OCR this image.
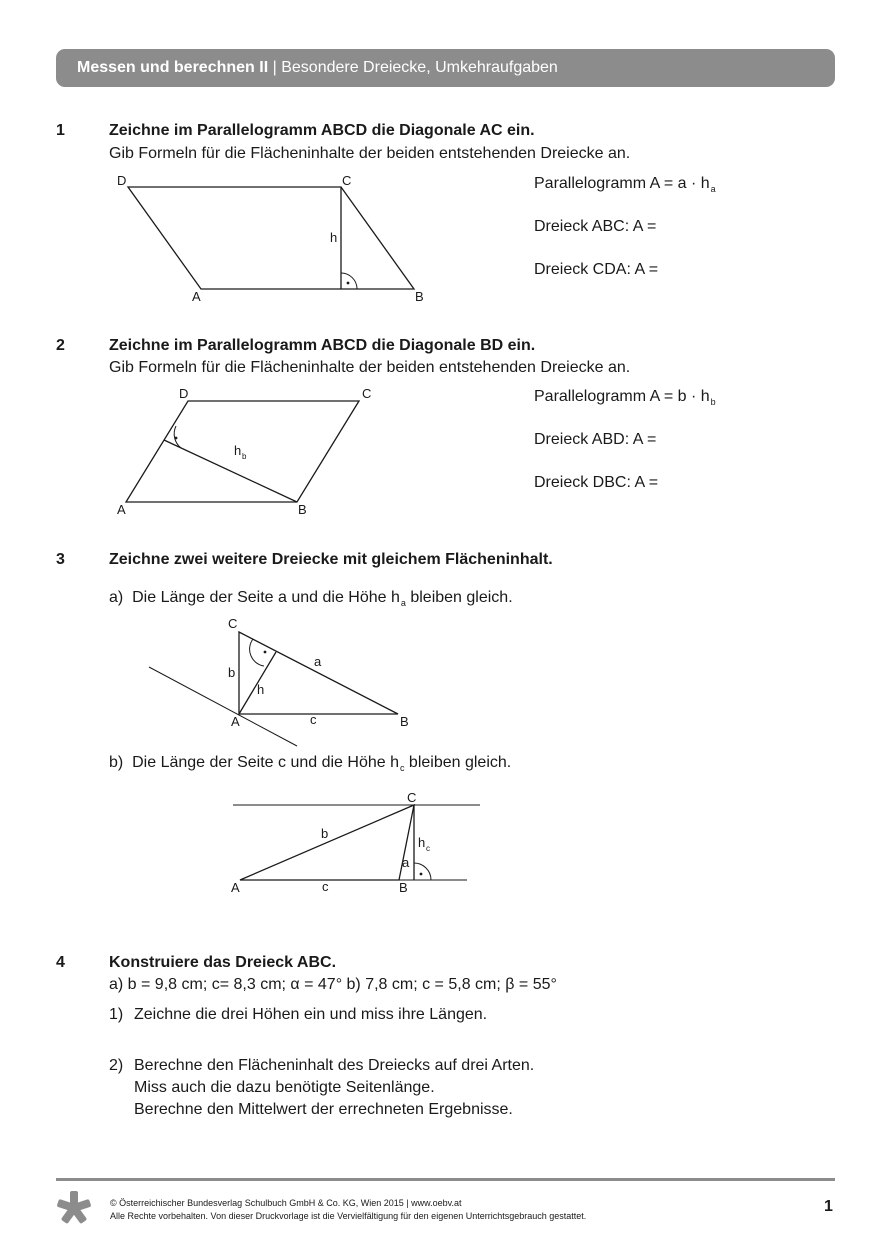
Messen und berechnen II | Besondere Dreiecke, Umkehraufgaben
1	Zeichne im Parallelogramm ABCD die Diagonale AC ein.
Gib Formeln für die Flächeninhalte der beiden entstehenden Dreiecke an.
D	C
A	B
h
Parallelogramm $A = a \cdot h_a$
Dreieck ABC: A =
Dreieck CDA: A =
2	Zeichne im Parallelogramm ABCD die Diagonale BD ein.
Gib Formeln für die Flächeninhalte der beiden entstehenden Dreiecke an.
D	C
A	B
h b
Parallelogramm $A = b \cdot h_b$
Dreieck ABD: A =
Dreieck DBC: A =
3	Zeichne zwei weitere Dreiecke mit gleichem Flächeninhalt.
a) Die Länge der Seite a und die Höhe $h_a$ bleiben gleich.
C
A	B
a
b
c
h
b) Die Länge der Seite c und die Höhe $h_c$ bleiben gleich.
C
A	B
a
b
c
h c
4	Konstruiere das Dreieck ABC.
a) b = 9,8 cm; c= 8,3 cm; α = 47° b) 7,8 cm; c = 5,8 cm; β = 55°
1) Zeichne die drei Höhen ein und miss ihre Längen.
2) Berechne den Flächeninhalt des Dreiecks auf drei Arten.
Miss auch die dazu benötigte Seitenlänge.
Berechne den Mittelwert der errechneten Ergebnisse.
© Österreichischer Bundesverlag Schulbuch GmbH & Co. KG, Wien 2015 | www.oebv.at
Alle Rechte vorbehalten. Von dieser Druckvorlage ist die Vervielfältigung für den eigenen Unterrichtsgebrauch gestattet.
1
